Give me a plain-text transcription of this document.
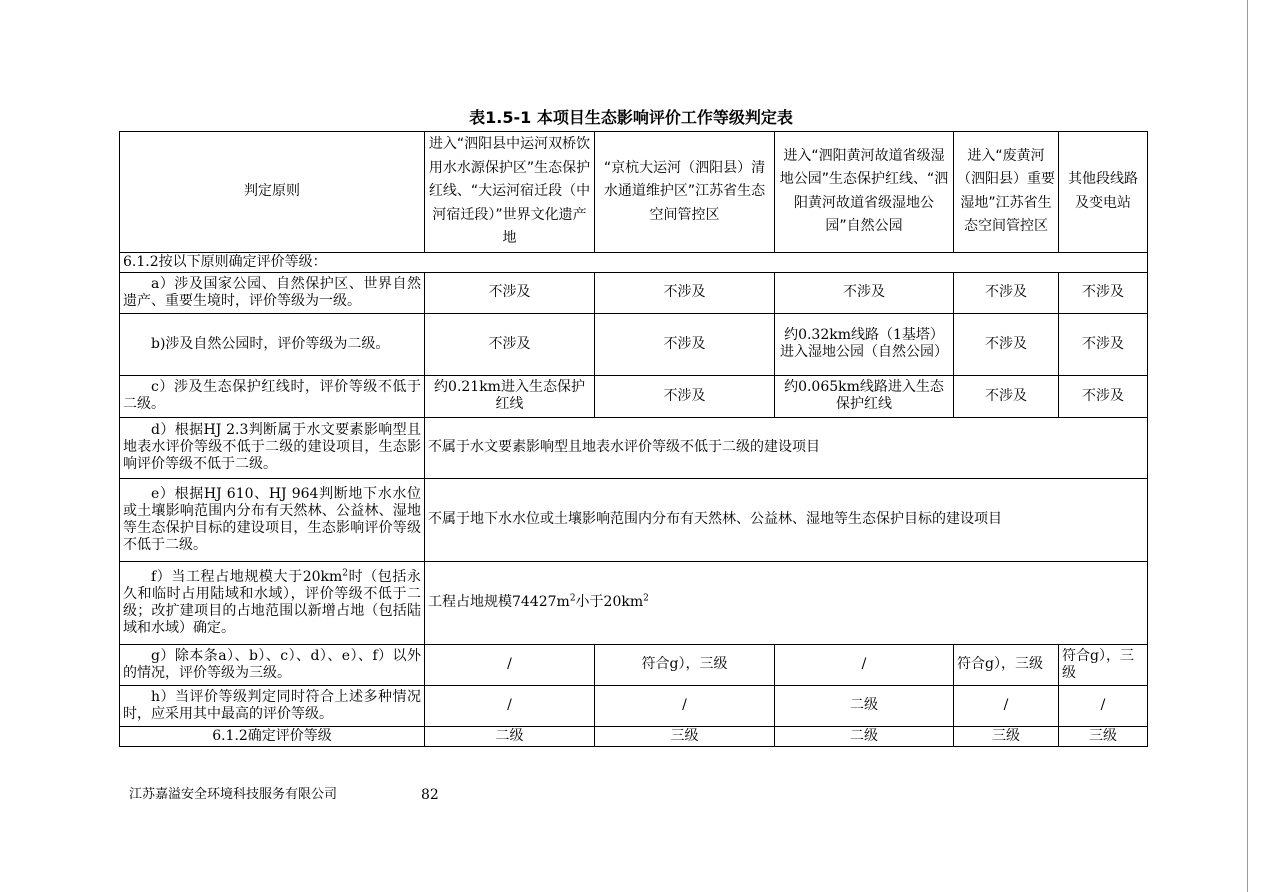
表1.5-1 本项目生态影响评价工作等级判定表
判定原则	进入“泗阳县中运河双桥饮用水水源保护区”生态保护红线、“大运河宿迁段（中河宿迁段）”世界文化遗产地	“京杭大运河（泗阳县）清水通道维护区”江苏省生态空间管控区	进入“泗阳黄河故道省级湿地公园”生态保护红线、“泗阳黄河故道省级湿地公园”自然公园	进入“废黄河（泗阳县）重要湿地”江苏省生态空间管控区	其他段线路及变电站
6.1.2按以下原则确定评价等级：					
a）涉及国家公园、自然保护区、世界自然遗产、重要生境时，评价等级为一级。	不涉及	不涉及	不涉及	不涉及	不涉及
b)涉及自然公园时，评价等级为二级。	不涉及	不涉及	约0.32km线路（1基塔）进入湿地公园（自然公园）	不涉及	不涉及
c）涉及生态保护红线时，评价等级不低于二级。	约0.21km进入生态保护红线	不涉及	约0.065km线路进入生态保护红线	不涉及	不涉及
d）根据HJ 2.3判断属于水文要素影响型且地表水评价等级不低于二级的建设项目，生态影响评价等级不低于二级。	不属于水文要素影响型且地表水评价等级不低于二级的建设项目				
e）根据HJ 610、HJ 964判断地下水水位或土壤影响范围内分布有天然林、公益林、湿地等生态保护目标的建设项目，生态影响评价等级不低于二级。	不属于地下水水位或土壤影响范围内分布有天然林、公益林、湿地等生态保护目标的建设项目				
f）当工程占地规模大于$20km^2$时（包括永久和临时占用陆域和水域），评价等级不低于二级；改扩建项目的占地范围以新增占地（包括陆域和水域）确定。	工程占地规模$74427m^2$小于$20km^2$
g）除本条a）、b）、c）、d）、e）、f）以外的情况，评价等级为三级。	/	符合g），三级	/	符合g），三级	符合g），三级
h）当评价等级判定同时符合上述多种情况时，应采用其中最高的评价等级。	/	/	二级	/	/
6.1.2确定评价等级	二级	三级	二级	三级	三级
江苏嘉溢安全环境科技服务有限公司	82
